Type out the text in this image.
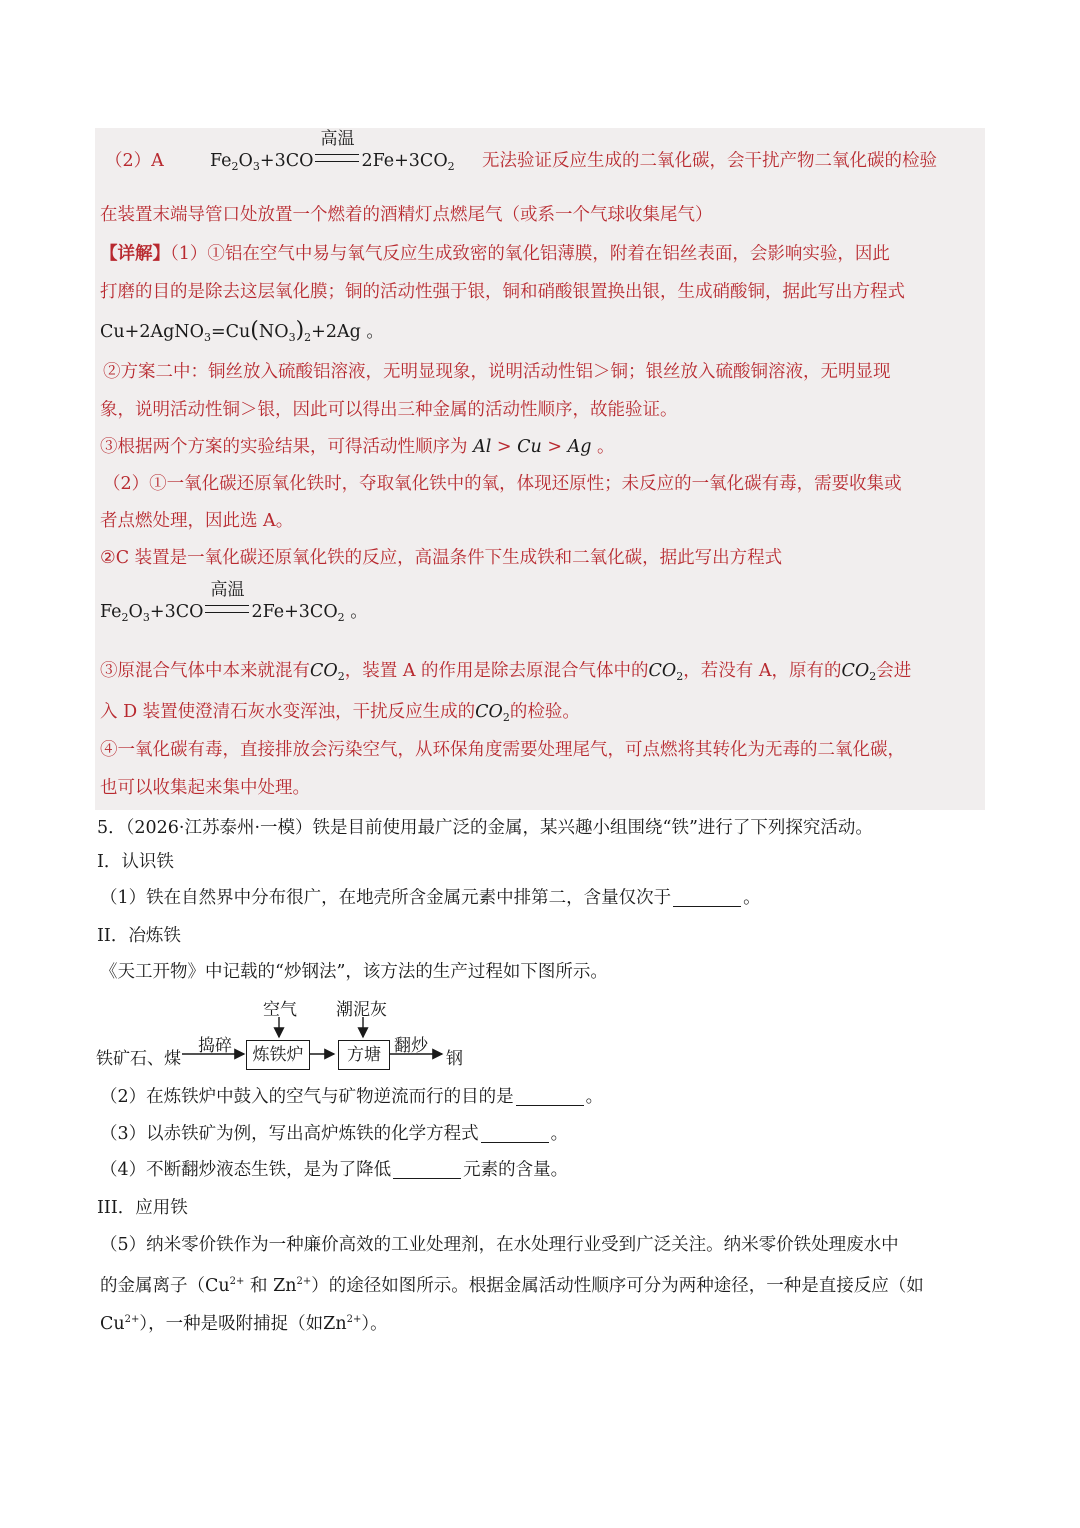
（2）A	$Fe_2O_3+3CO$
高温
$2Fe+3CO_2$ 无法验证反应生成的二氧化碳，会干扰产物二氧化碳的检验
在装置末端导管口处放置一个燃着的酒精灯点燃尾气（或系一个气球收集尾气）
【详解】（1）①铝在空气中易与氧气反应生成致密的氧化铝薄膜，附着在铝丝表面，会影响实验，因此
打磨的目的是除去这层氧化膜；铜的活动性强于银，铜和硝酸银置换出银，生成硝酸铜，据此写出方程式
$Cu+2AgNO_3=Cu(NO_3)_2+2Ag$ 。
②方案二中：铜丝放入硫酸铝溶液，无明显现象，说明活动性铝＞铜；银丝放入硫酸铜溶液，无明显现
象，说明活动性铜＞银，因此可以得出三种金属的活动性顺序，故能验证。
③根据两个方案的实验结果，可得活动性顺序为 Al > Cu > Ag 。
（2）①一氧化碳还原氧化铁时，夺取氧化铁中的氧，体现还原性；未反应的一氧化碳有毒，需要收集或
者点燃处理，因此选 A。
②C 装置是一氧化碳还原氧化铁的反应，高温条件下生成铁和二氧化碳，据此写出方程式
$Fe_2O_3+3CO$
高温
$2Fe+3CO_2$ 。
③原混合气体中本来就混有$CO_2$，装置 A 的作用是除去原混合气体中的$CO_2$，若没有 A，原有的$CO_2$会进
入 D 装置使澄清石灰水变浑浊，干扰反应生成的$CO_2$的检验。
④一氧化碳有毒，直接排放会污染空气，从环保角度需要处理尾气，可点燃将其转化为无毒的二氧化碳，
也可以收集起来集中处理。
5．（2026·江苏泰州·一模）铁是目前使用最广泛的金属，某兴趣小组围绕“铁”进行了下列探究活动。
I．认识铁
（1）铁在自然界中分布很广，在地壳所含金属元素中排第二，含量仅次于	。
II．冶炼铁
《天工开物》中记载的“炒钢法”，该方法的生产过程如下图所示。
空气 潮泥灰
铁矿石、煤
捣碎	炼铁炉	方塘 翻炒
钢
（2）在炼铁炉中鼓入的空气与矿物逆流而行的目的是	。
（3）以赤铁矿为例，写出高炉炼铁的化学方程式	。
（4）不断翻炒液态生铁，是为了降低	元素的含量。
III．应用铁
（5）纳米零价铁作为一种廉价高效的工业处理剂，在水处理行业受到广泛关注。纳米零价铁处理废水中
的金属离子（$Cu^{2+}$ 和 $Zn^{2+}$）的途径如图所示。根据金属活动性顺序可分为两种途径，一种是直接反应（如
$Cu^{2+}$），一种是吸附捕捉（如$Zn^{2+}$）。
